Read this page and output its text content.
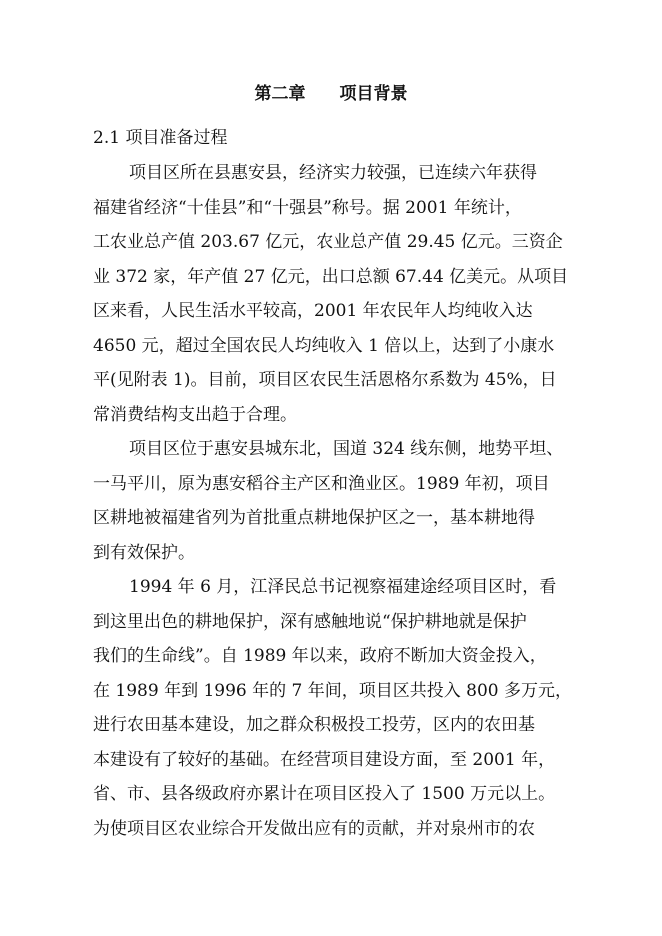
第二章　　项目背景
2.1 项目准备过程
项目区所在县惠安县，经济实力较强，已连续六年获得
福建省经济“十佳县”和“十强县”称号。据 2001 年统计，
工农业总产值 203.67 亿元，农业总产值 29.45 亿元。三资企
业 372 家，年产值 27 亿元，出口总额 67.44 亿美元。从项目
区来看，人民生活水平较高，2001 年农民年人均纯收入达
4650 元，超过全国农民人均纯收入 1 倍以上，达到了小康水
平(见附表 1)。目前，项目区农民生活恩格尔系数为 45%，日
常消费结构支出趋于合理。
项目区位于惠安县城东北，国道 324 线东侧，地势平坦、
一马平川，原为惠安稻谷主产区和渔业区。1989 年初，项目
区耕地被福建省列为首批重点耕地保护区之一，基本耕地得
到有效保护。
1994 年 6 月，江泽民总书记视察福建途经项目区时，看
到这里出色的耕地保护，深有感触地说“保护耕地就是保护
我们的生命线”。自 1989 年以来，政府不断加大资金投入，
在 1989 年到 1996 年的 7 年间，项目区共投入 800 多万元，
进行农田基本建设，加之群众积极投工投劳，区内的农田基
本建设有了较好的基础。在经营项目建设方面，至 2001 年，
省、市、县各级政府亦累计在项目区投入了 1500 万元以上。
为使项目区农业综合开发做出应有的贡献，并对泉州市的农
